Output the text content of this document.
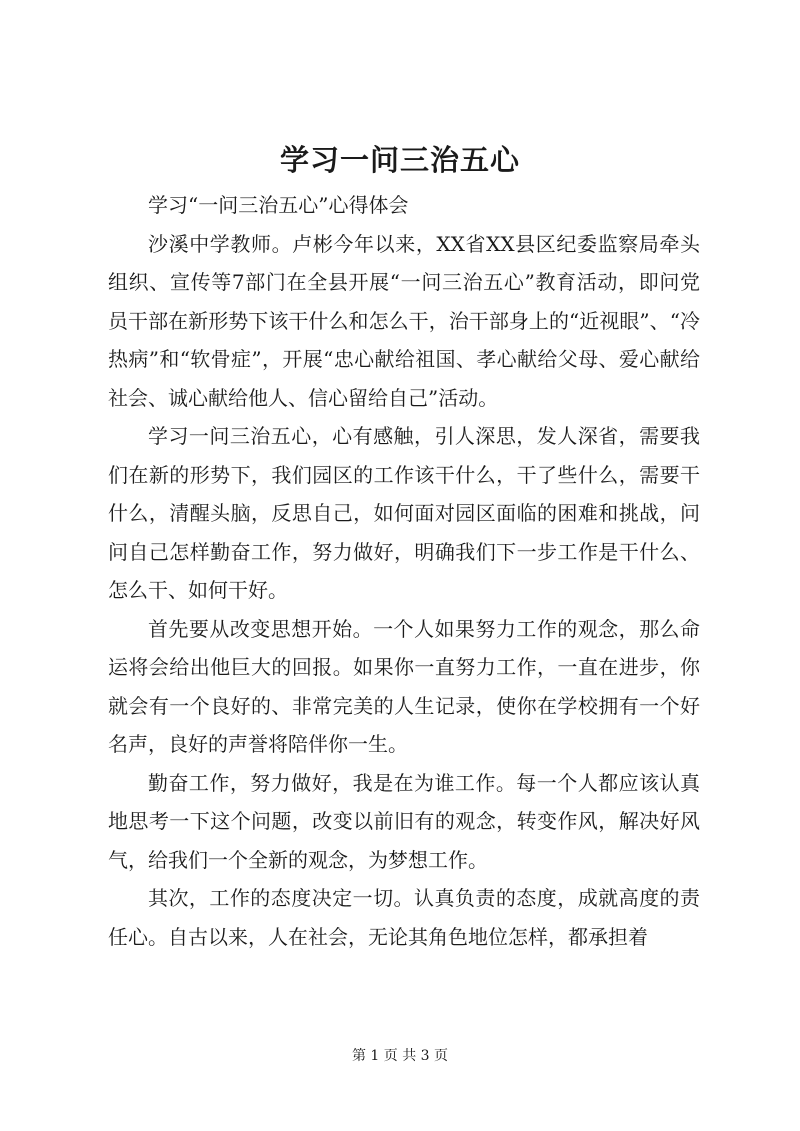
学习一问三治五心

学习“一问三治五心”心得体会

沙溪中学教师。卢彬今年以来，XX省XX县区纪委监察局牵头组织、宣传等7部门在全县开展“一问三治五心”教育活动，即问党员干部在新形势下该干什么和怎么干，治干部身上的“近视眼”、“冷热病”和“软骨症”，开展“忠心献给祖国、孝心献给父母、爱心献给社会、诚心献给他人、信心留给自己”活动。

学习一问三治五心，心有感触，引人深思，发人深省，需要我们在新的形势下，我们园区的工作该干什么，干了些什么，需要干什么，清醒头脑，反思自己，如何面对园区面临的困难和挑战，问问自己怎样勤奋工作，努力做好，明确我们下一步工作是干什么、怎么干、如何干好。

首先要从改变思想开始。一个人如果努力工作的观念，那么命运将会给出他巨大的回报。如果你一直努力工作，一直在进步，你就会有一个良好的、非常完美的人生记录，使你在学校拥有一个好名声，良好的声誉将陪伴你一生。

勤奋工作，努力做好，我是在为谁工作。每一个人都应该认真地思考一下这个问题，改变以前旧有的观念，转变作风，解决好风气，给我们一个全新的观念，为梦想工作。

其次，工作的态度决定一切。认真负责的态度，成就高度的责任心。自古以来，人在社会，无论其角色地位怎样，都承担着

第 1 页 共 3 页
